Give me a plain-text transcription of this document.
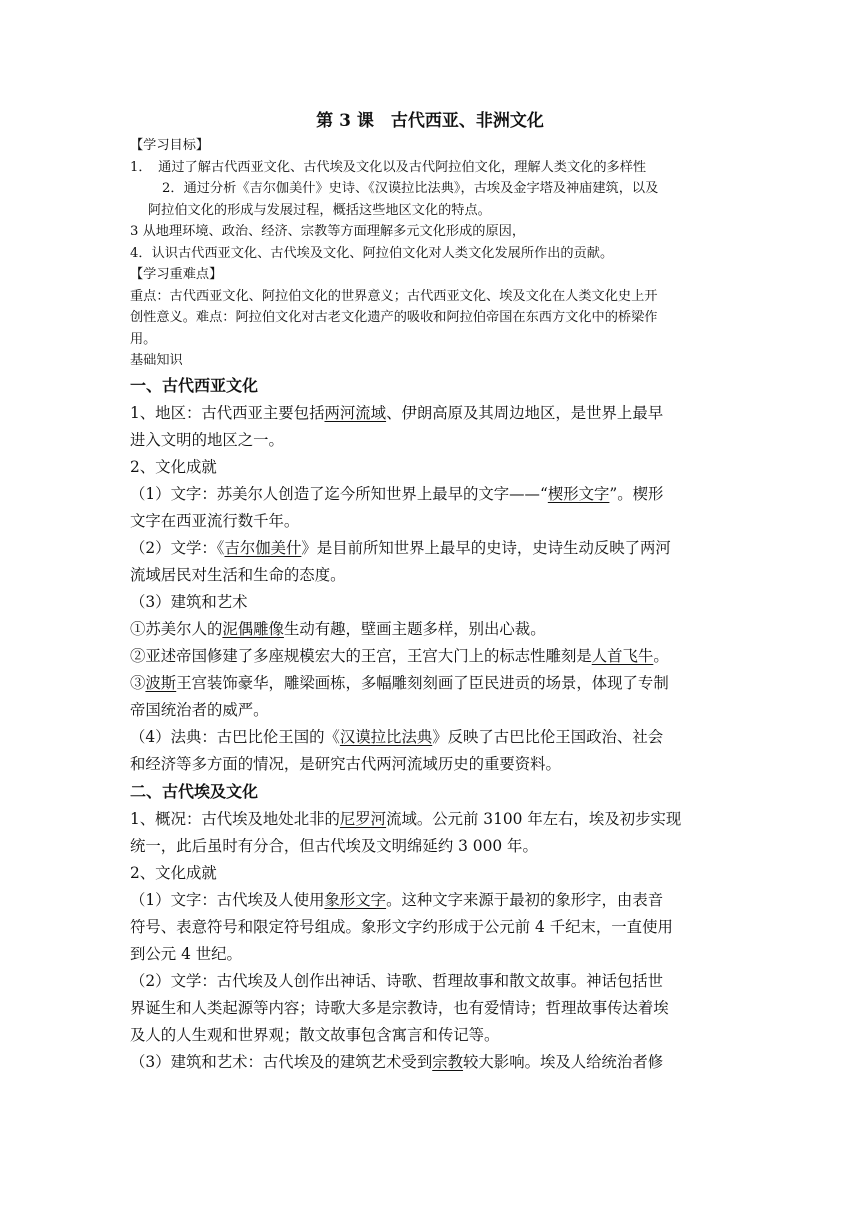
第 3 课　古代西亚、非洲文化

【学习目标】

1．　通过了解古代西亚文化、古代埃及文化以及古代阿拉伯文化，理解人类文化的多样性

2．通过分析《吉尔伽美什》史诗、《汉谟拉比法典》，古埃及金字塔及神庙建筑，以及

阿拉伯文化的形成与发展过程，概括这些地区文化的特点。

3 从地理环境、政治、经济、宗教等方面理解多元文化形成的原因，

4．认识古代西亚文化、古代埃及文化、阿拉伯文化对人类文化发展所作出的贡献。

【学习重难点】

重点：古代西亚文化、阿拉伯文化的世界意义；古代西亚文化、埃及文化在人类文化史上开

创性意义。难点：阿拉伯文化对古老文化遗产的吸收和阿拉伯帝国在东西方文化中的桥梁作

用。

基础知识

一、古代西亚文化

1、地区：古代西亚主要包括两河流域、伊朗高原及其周边地区，是世界上最早

进入文明的地区之一。

2、文化成就

（1）文字：苏美尔人创造了迄今所知世界上最早的文字——“楔形文字”。楔形

文字在西亚流行数千年。

（2）文学：《吉尔伽美什》是目前所知世界上最早的史诗，史诗生动反映了两河

流域居民对生活和生命的态度。

（3）建筑和艺术

①苏美尔人的泥偶雕像生动有趣，壁画主题多样，别出心裁。

②亚述帝国修建了多座规模宏大的王宫，王宫大门上的标志性雕刻是人首飞牛。

③波斯王宫装饰豪华，雕梁画栋，多幅雕刻刻画了臣民进贡的场景，体现了专制

帝国统治者的威严。

（4）法典：古巴比伦王国的《汉谟拉比法典》反映了古巴比伦王国政治、社会

和经济等多方面的情况，是研究古代两河流域历史的重要资料。

二、古代埃及文化

1、概况：古代埃及地处北非的尼罗河流域。公元前 3100 年左右，埃及初步实现

统一，此后虽时有分合，但古代埃及文明绵延约 3 000 年。

2、文化成就

（1）文字：古代埃及人使用象形文字。这种文字来源于最初的象形字，由表音

符号、表意符号和限定符号组成。象形文字约形成于公元前 4 千纪末，一直使用

到公元 4 世纪。

（2）文学：古代埃及人创作出神话、诗歌、哲理故事和散文故事。神话包括世

界诞生和人类起源等内容；诗歌大多是宗教诗，也有爱情诗；哲理故事传达着埃

及人的人生观和世界观；散文故事包含寓言和传记等。

（3）建筑和艺术：古代埃及的建筑艺术受到宗教较大影响。埃及人给统治者修
